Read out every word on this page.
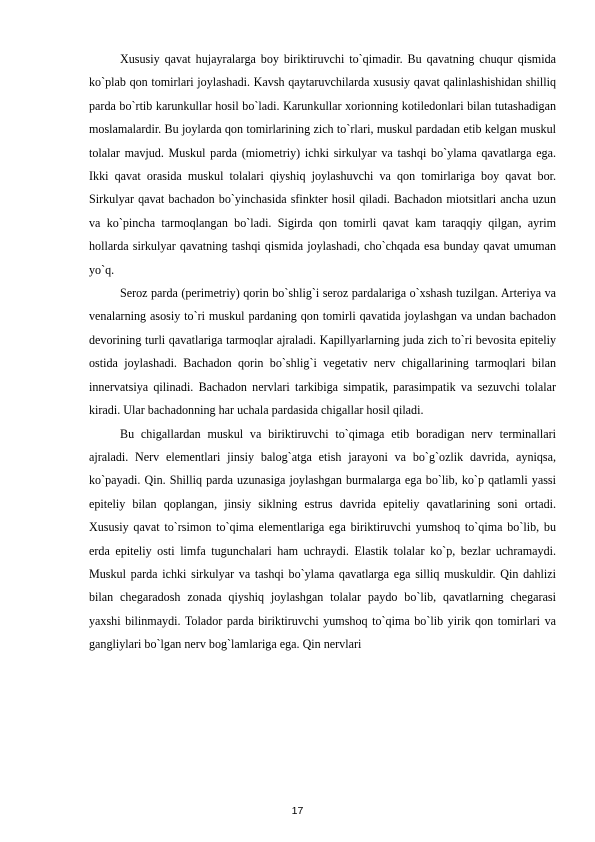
Xususiy qavat hujayralarga boy biriktiruvchi to`qimadir. Bu qavatning chuqur qismida ko`plab qon tomirlari joylashadi. Kavsh qaytaruvchilarda xususiy qavat qalinlashishidan shilliq parda bo`rtib karunkullar hosil bo`ladi. Karunkullar xorionning kotiledonlari bilan tutashadigan moslamalardir. Bu joylarda qon tomirlarining zich to`rlari, muskul pardadan etib kelgan muskul tolalar mavjud. Muskul parda (miometriy) ichki sirkulyar va tashqi bo`ylama qavatlarga ega. Ikki qavat orasida muskul tolalari qiyshiq joylashuvchi va qon tomirlariga boy qavat bor. Sirkulyar qavat bachadon bo`yinchasida sfinkter hosil qiladi. Bachadon miotsitlari ancha uzun va ko`pincha tarmoqlangan bo`ladi. Sigirda qon tomirli qavat kam taraqqiy qilgan, ayrim hollarda sirkulyar qavatning tashqi qismida joylashadi, cho`chqada esa bunday qavat umuman yo`q.

Seroz parda (perimetriy) qorin bo`shlig`i seroz pardalariga o`xshash tuzilgan. Arteriya va venalarning asosiy to`ri muskul pardaning qon tomirli qavatida joylashgan va undan bachadon devorining turli qavatlariga tarmoqlar ajraladi. Kapillyarlarning juda zich to`ri bevosita epiteliy ostida joylashadi. Bachadon qorin bo`shlig`i vegetativ nerv chigallarining tarmoqlari bilan innervatsiya qilinadi. Bachadon nervlari tarkibiga simpatik, parasimpatik va sezuvchi tolalar kiradi. Ular bachadonning har uchala pardasida chigallar hosil qiladi.

Bu chigallardan muskul va biriktiruvchi to`qimaga etib boradigan nerv terminallari ajraladi. Nerv elementlari jinsiy balog`atga etish jarayoni va bo`g`ozlik davrida, ayniqsa, ko`payadi. Qin. Shilliq parda uzunasiga joylashgan burmalarga ega bo`lib, ko`p qatlamli yassi epiteliy bilan qoplangan, jinsiy siklning estrus davrida epiteliy qavatlarining soni ortadi. Xususiy qavat to`rsimon to`qima elementlariga ega biriktiruvchi yumshoq to`qima bo`lib, bu erda epiteliy osti limfa tugunchalari ham uchraydi. Elastik tolalar ko`p, bezlar uchramaydi. Muskul parda ichki sirkulyar va tashqi bo`ylama qavatlarga ega silliq muskuldir. Qin dahlizi bilan chegaradosh zonada qiyshiq joylashgan tolalar paydo bo`lib, qavatlarning chegarasi yaxshi bilinmaydi. Tolador parda biriktiruvchi yumshoq to`qima bo`lib yirik qon tomirlari va gangliylari bo`lgan nerv bog`lamlariga ega. Qin nervlari

17
